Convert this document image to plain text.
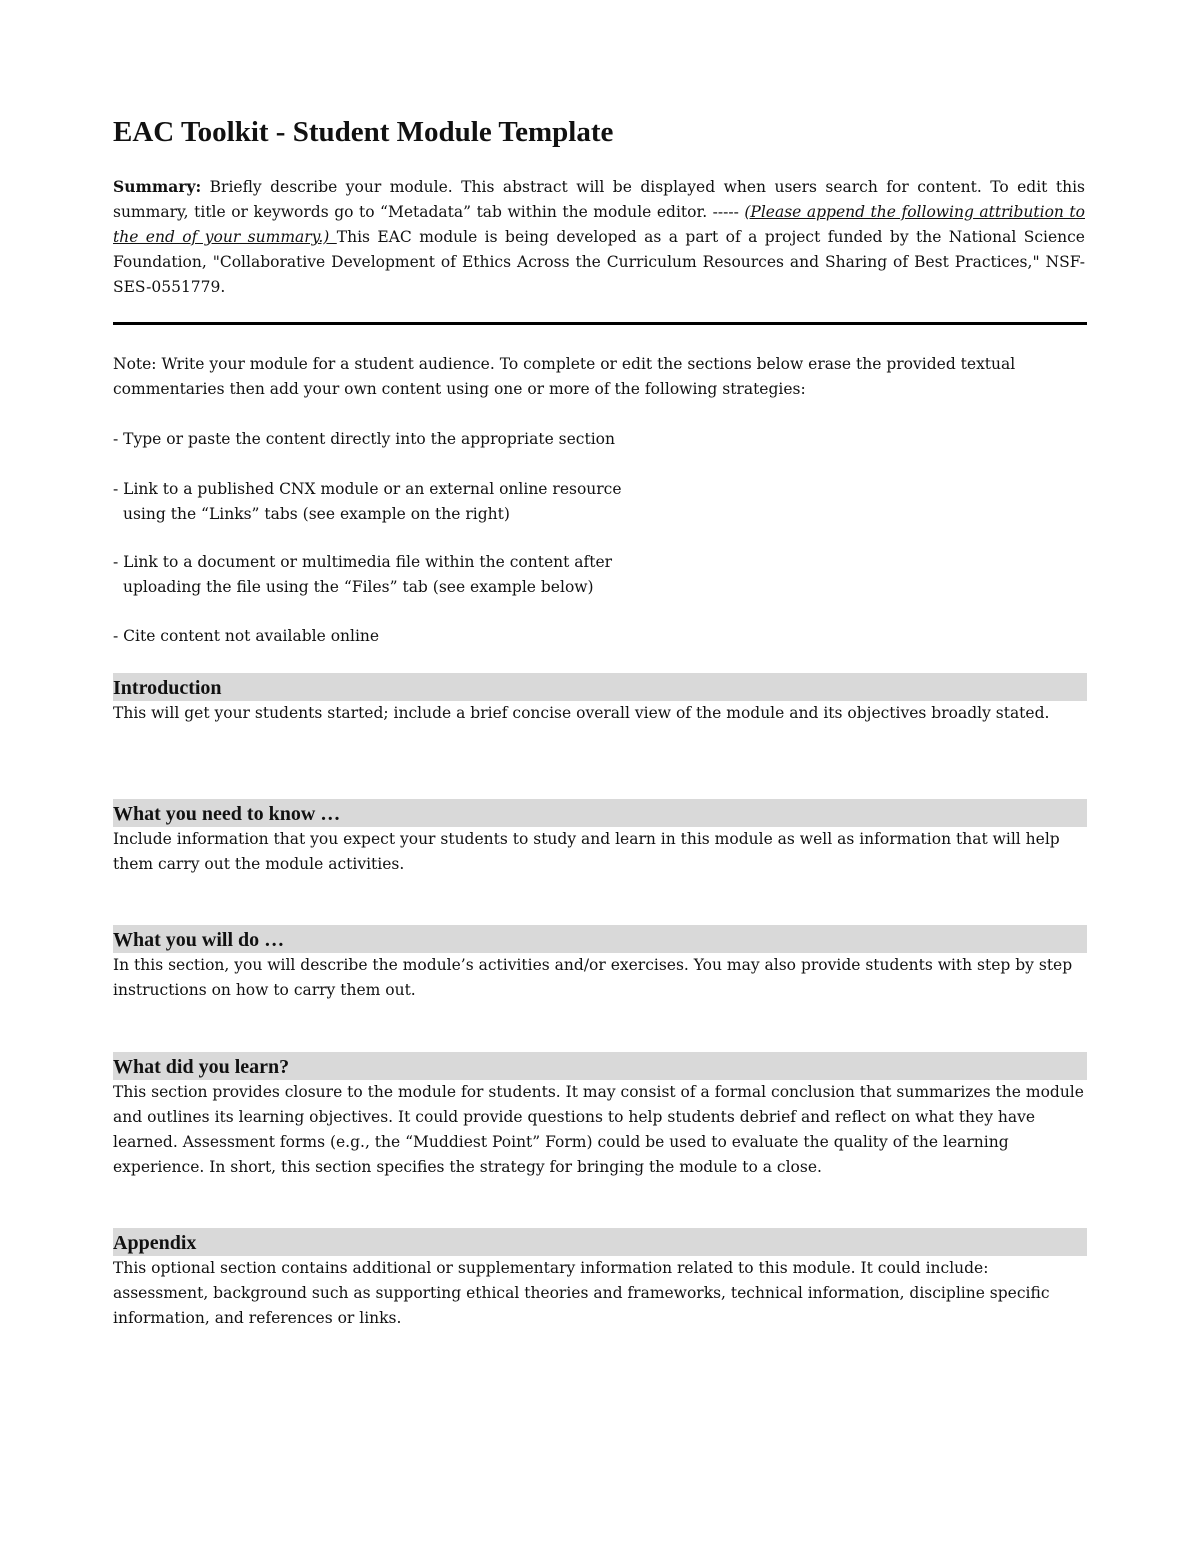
EAC Toolkit - Student Module Template

Summary: Briefly describe your module. This abstract will be displayed when users search for content. To edit this summary, title or keywords go to “Metadata” tab within the module editor. ----- (Please append the following attribution to the end of your summary.) This EAC module is being developed as a part of a project funded by the National Science Foundation, "Collaborative Development of Ethics Across the Curriculum Resources and Sharing of Best Practices," NSF-SES-0551779.

Note: Write your module for a student audience. To complete or edit the sections below erase the provided textual commentaries then add your own content using one or more of the following strategies:

- Type or paste the content directly into the appropriate section

- Link to a published CNX module or an external online resource
using the “Links” tabs (see example on the right)

- Link to a document or multimedia file within the content after
uploading the file using the “Files” tab (see example below)

- Cite content not available online

Introduction

This will get your students started; include a brief concise overall view of the module and its objectives broadly stated.

What you need to know …

Include information that you expect your students to study and learn in this module as well as information that will help them carry out the module activities.

What you will do …

In this section, you will describe the module’s activities and/or exercises. You may also provide students with step by step instructions on how to carry them out.

What did you learn?

This section provides closure to the module for students. It may consist of a formal conclusion that summarizes the module and outlines its learning objectives. It could provide questions to help students debrief and reflect on what they have learned. Assessment forms (e.g., the “Muddiest Point” Form) could be used to evaluate the quality of the learning experience. In short, this section specifies the strategy for bringing the module to a close.

Appendix

This optional section contains additional or supplementary information related to this module. It could include: assessment, background such as supporting ethical theories and frameworks, technical information, discipline specific information, and references or links.
